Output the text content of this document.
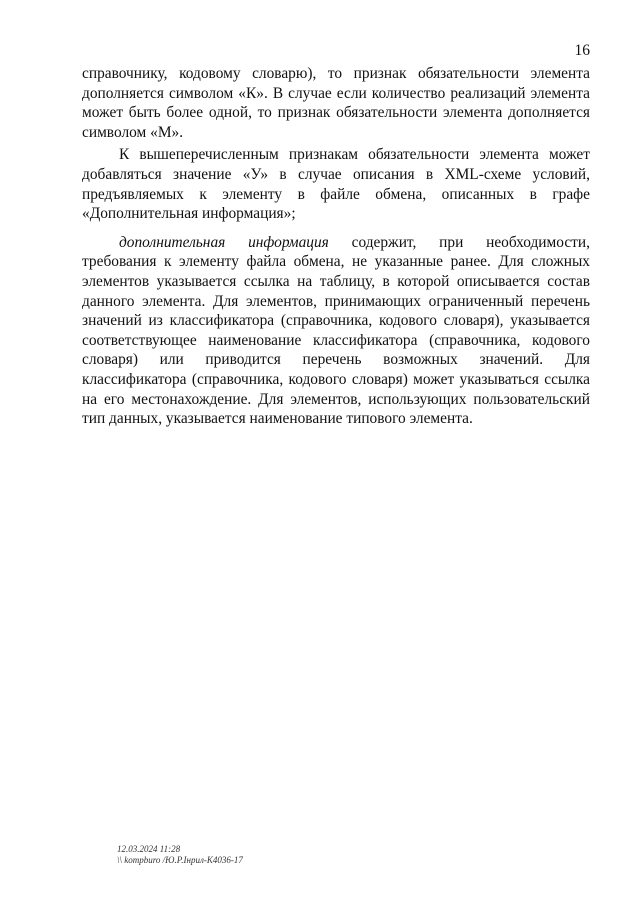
16

справочнику, кодовому словарю), то признак обязательности элемента дополняется символом «К». В случае если количество реализаций элемента может быть более одной, то признак обязательности элемента дополняется символом «М».

К вышеперечисленным признакам обязательности элемента может добавляться значение «У» в случае описания в XML-схеме условий, предъявляемых к элементу в файле обмена, описанных в графе «Дополнительная информация»;

дополнительная информация содержит, при необходимости, требования к элементу файла обмена, не указанные ранее. Для сложных элементов указывается ссылка на таблицу, в которой описывается состав данного элемента. Для элементов, принимающих ограниченный перечень значений из классификатора (справочника, кодового словаря), указывается соответствующее наименование классификатора (справочника, кодового словаря) или приводится перечень возможных значений. Для классификатора (справочника, кодового словаря) может указываться ссылка на его местонахождение. Для элементов, использующих пользовательский тип данных, указывается наименование типового элемента.

12.03.2024 11:28
\\ kompburo /Ю.Р.Інрил-К4036-17
